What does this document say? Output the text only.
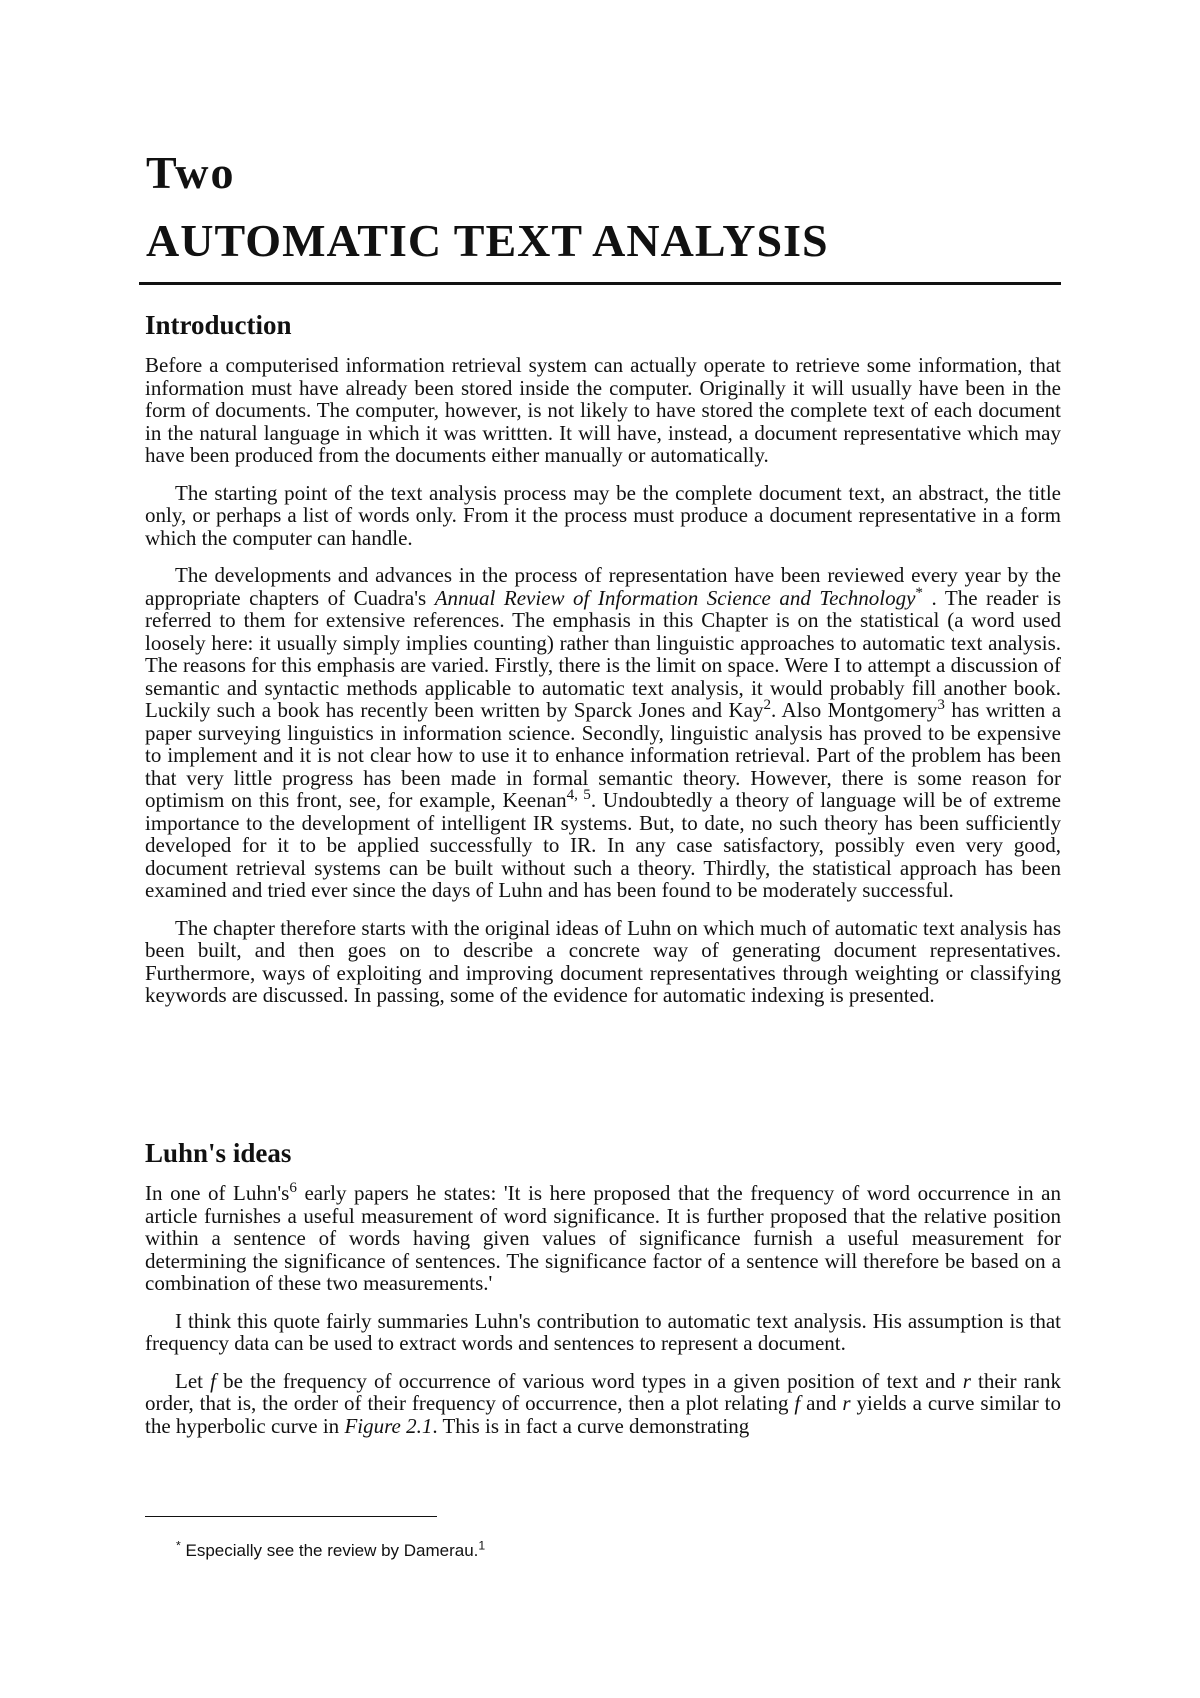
Two
AUTOMATIC TEXT ANALYSIS
Introduction

Before a computerised information retrieval system can actually operate to retrieve some information, that information must have already been stored inside the computer. Originally it will usually have been in the form of documents. The computer, however, is not likely to have stored the complete text of each document in the natural language in which it was writtten. It will have, instead, a document representative which may have been produced from the documents either manually or automatically.

The starting point of the text analysis process may be the complete document text, an abstract, the title only, or perhaps a list of words only. From it the process must produce a document representative in a form which the computer can handle.

The developments and advances in the process of representation have been reviewed every year by the appropriate chapters of Cuadra's Annual Review of Information Science and Technology* . The reader is referred to them for extensive references. The emphasis in this Chapter is on the statistical (a word used loosely here: it usually simply implies counting) rather than linguistic approaches to automatic text analysis. The reasons for this emphasis are varied. Firstly, there is the limit on space. Were I to attempt a discussion of semantic and syntactic methods applicable to automatic text analysis, it would probably fill another book. Luckily such a book has recently been written by Sparck Jones and Kay$^2$. Also Montgomery$^3$ has written a paper surveying linguistics in information science. Secondly, linguistic analysis has proved to be expensive to implement and it is not clear how to use it to enhance information retrieval. Part of the problem has been that very little progress has been made in formal semantic theory. However, there is some reason for optimism on this front, see, for example, Keenan$^{4, 5}$. Undoubtedly a theory of language will be of extreme importance to the development of intelligent IR systems. But, to date, no such theory has been sufficiently developed for it to be applied successfully to IR. In any case satisfactory, possibly even very good, document retrieval systems can be built without such a theory. Thirdly, the statistical approach has been examined and tried ever since the days of Luhn and has been found to be moderately successful.

The chapter therefore starts with the original ideas of Luhn on which much of automatic text analysis has been built, and then goes on to describe a concrete way of generating document representatives. Furthermore, ways of exploiting and improving document representatives through weighting or classifying keywords are discussed. In passing, some of the evidence for automatic indexing is presented.

Luhn's ideas

In one of $Luhn's^6$ early papers he states: 'It is here proposed that the frequency of word occurrence in an article furnishes a useful measurement of word significance. It is further proposed that the relative position within a sentence of words having given values of significance furnish a useful measurement for determining the significance of sentences. The significance factor of a sentence will therefore be based on a combination of these two measurements.'

I think this quote fairly summaries Luhn's contribution to automatic text analysis. His assumption is that frequency data can be used to extract words and sentences to represent a document.

Let f be the frequency of occurrence of various word types in a given position of text and r their rank order, that is, the order of their frequency of occurrence, then a plot relating f and r yields a curve similar to the hyperbolic curve in Figure 2.1. This is in fact a curve demonstrating

* Especially see the review by Damerau.$^1$
